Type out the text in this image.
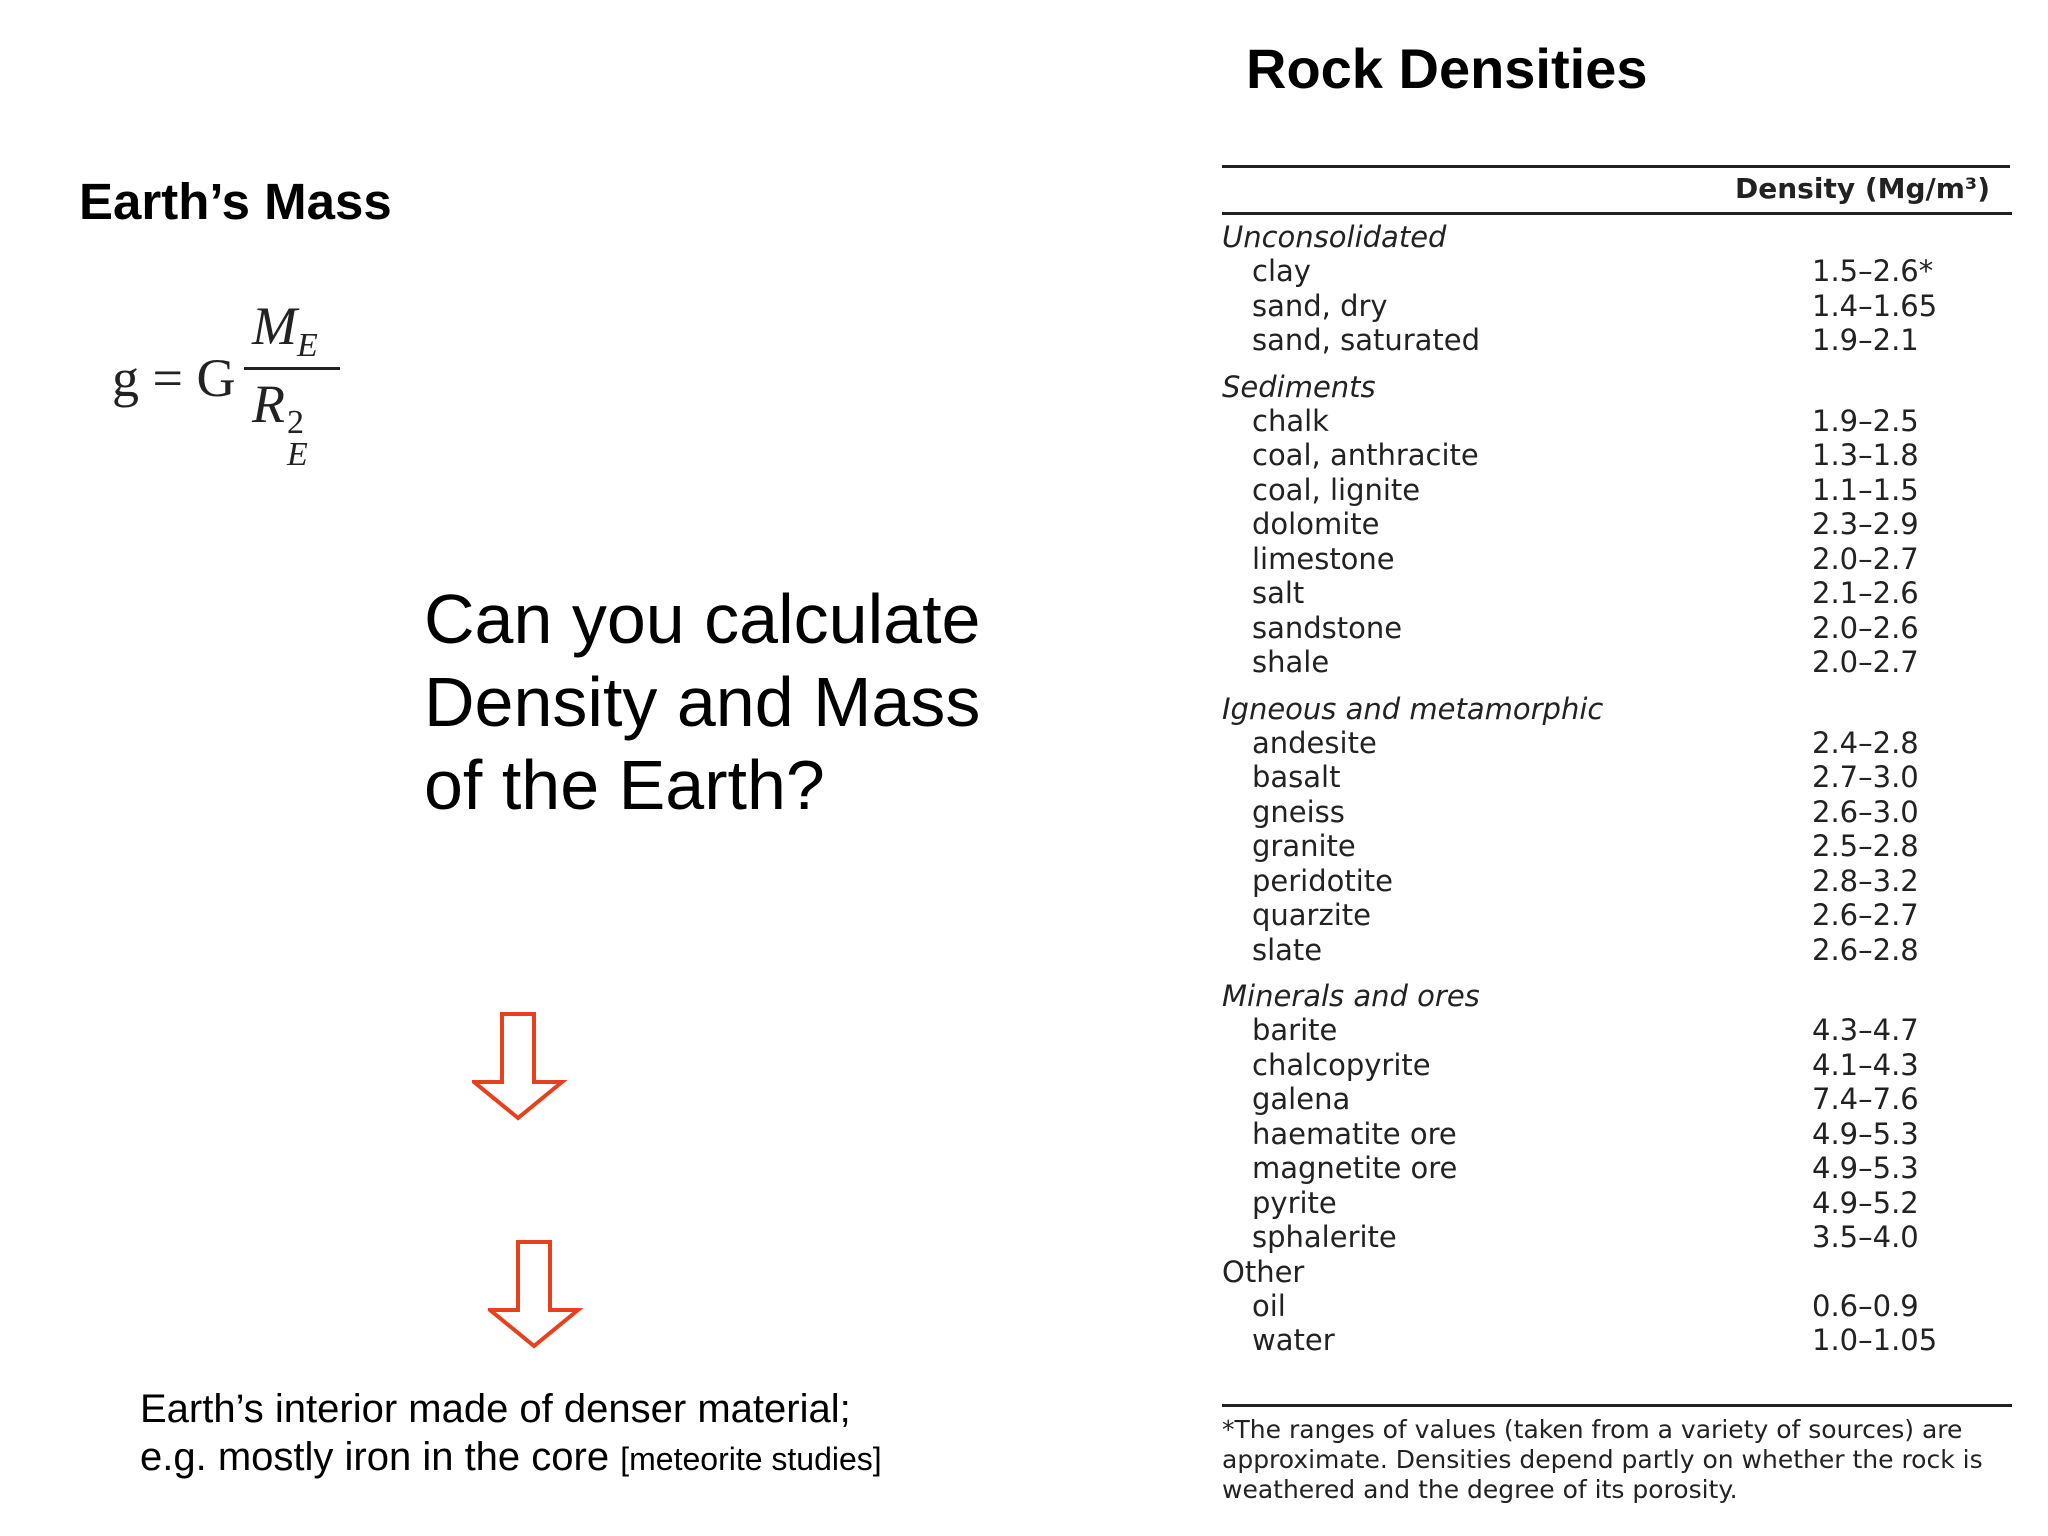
Earth’s Mass
g = G
$M_E$
R 2
E
Can you calculate
Density and Mass
of the Earth?
Earth’s interior made of denser material;
e.g. mostly iron in the core [meteorite studies]
Rock Densities
Density (Mg/m³)
Unconsolidated
clay	1.5–2.6*
sand, dry	1.4–1.65
sand, saturated	1.9–2.1
Sediments
chalk	1.9–2.5
coal, anthracite	1.3–1.8
coal, lignite	1.1–1.5
dolomite	2.3–2.9
limestone	2.0–2.7
salt	2.1–2.6
sandstone	2.0–2.6
shale	2.0–2.7
Igneous and metamorphic
andesite	2.4–2.8
basalt	2.7–3.0
gneiss	2.6–3.0
granite	2.5–2.8
peridotite	2.8–3.2
quarzite	2.6–2.7
slate	2.6–2.8
Minerals and ores
barite	4.3–4.7
chalcopyrite	4.1–4.3
galena	7.4–7.6
haematite ore	4.9–5.3
magnetite ore	4.9–5.3
pyrite	4.9–5.2
sphalerite	3.5–4.0
Other
oil	0.6–0.9
water	1.0–1.05
*The ranges of values (taken from a variety of sources) are approximate. Densities depend partly on whether the rock is weathered and the degree of its porosity.
